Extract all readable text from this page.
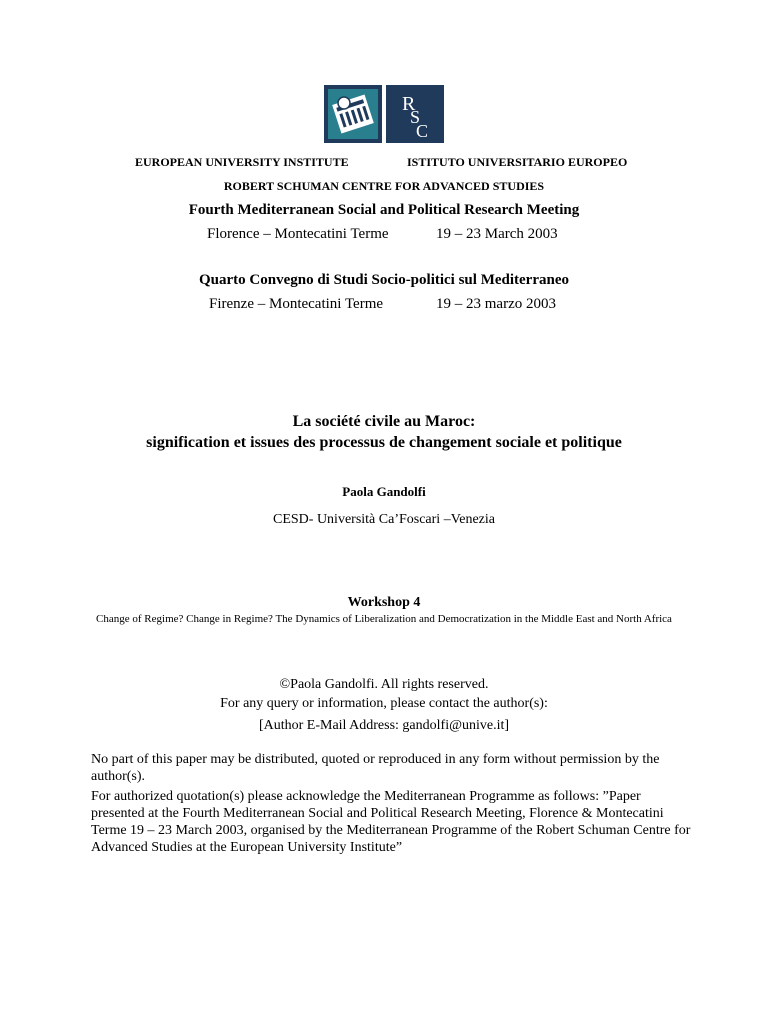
R
S
C
EUROPEAN UNIVERSITY INSTITUTE	ISTITUTO UNIVERSITARIO EUROPEO
ROBERT SCHUMAN CENTRE FOR ADVANCED STUDIES
Fourth Mediterranean Social and Political Research Meeting
Florence – Montecatini Terme	19 – 23 March 2003
Quarto Convegno di Studi Socio-politici sul Mediterraneo
Firenze – Montecatini Terme	19 – 23 marzo 2003
La société civile au Maroc:
signification et issues des processus de changement sociale et politique
Paola Gandolfi
CESD- Università Ca’Foscari –Venezia
Workshop 4
Change of Regime? Change in Regime? The Dynamics of Liberalization and Democratization in the Middle East and North Africa
©Paola Gandolfi. All rights reserved.
For any query or information, please contact the author(s):
[Author E-Mail Address: gandolfi@unive.it]
No part of this paper may be distributed, quoted or reproduced in any form without permission by the author(s).
For authorized quotation(s) please acknowledge the Mediterranean Programme as follows: ”Paper presented at the Fourth Mediterranean Social and Political Research Meeting, Florence & Montecatini Terme 19 – 23 March 2003, organised by the Mediterranean Programme of the Robert Schuman Centre for Advanced Studies at the European University Institute”
